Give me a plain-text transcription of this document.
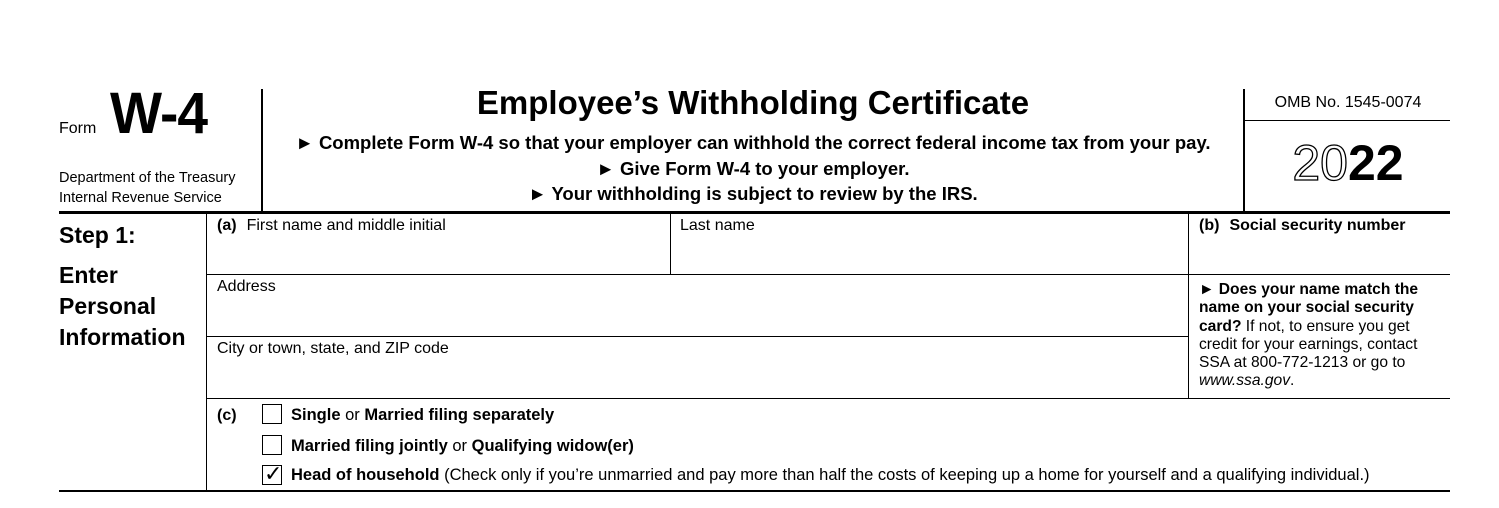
Form W-4
Department of the Treasury
Internal Revenue Service
Employee’s Withholding Certificate
► Complete Form W-4 so that your employer can withhold the correct federal income tax from your pay.
► Give Form W-4 to your employer.
► Your withholding is subject to review by the IRS.
OMB No. 1545-0074
2022
Step 1:
Enter
Personal
Information
(a) First name and middle initial	Last name	(b) Social security number
Address
City or town, state, and ZIP code
► Does your name match the name on your social security card? If not, to ensure you get credit for your earnings, contact SSA at 800-772-1213 or go to www.ssa.gov.
(c)	Single or Married filing separately
Married filing jointly or Qualifying widow(er)
✓ Head of household (Check only if you’re unmarried and pay more than half the costs of keeping up a home for yourself and a qualifying individual.)
